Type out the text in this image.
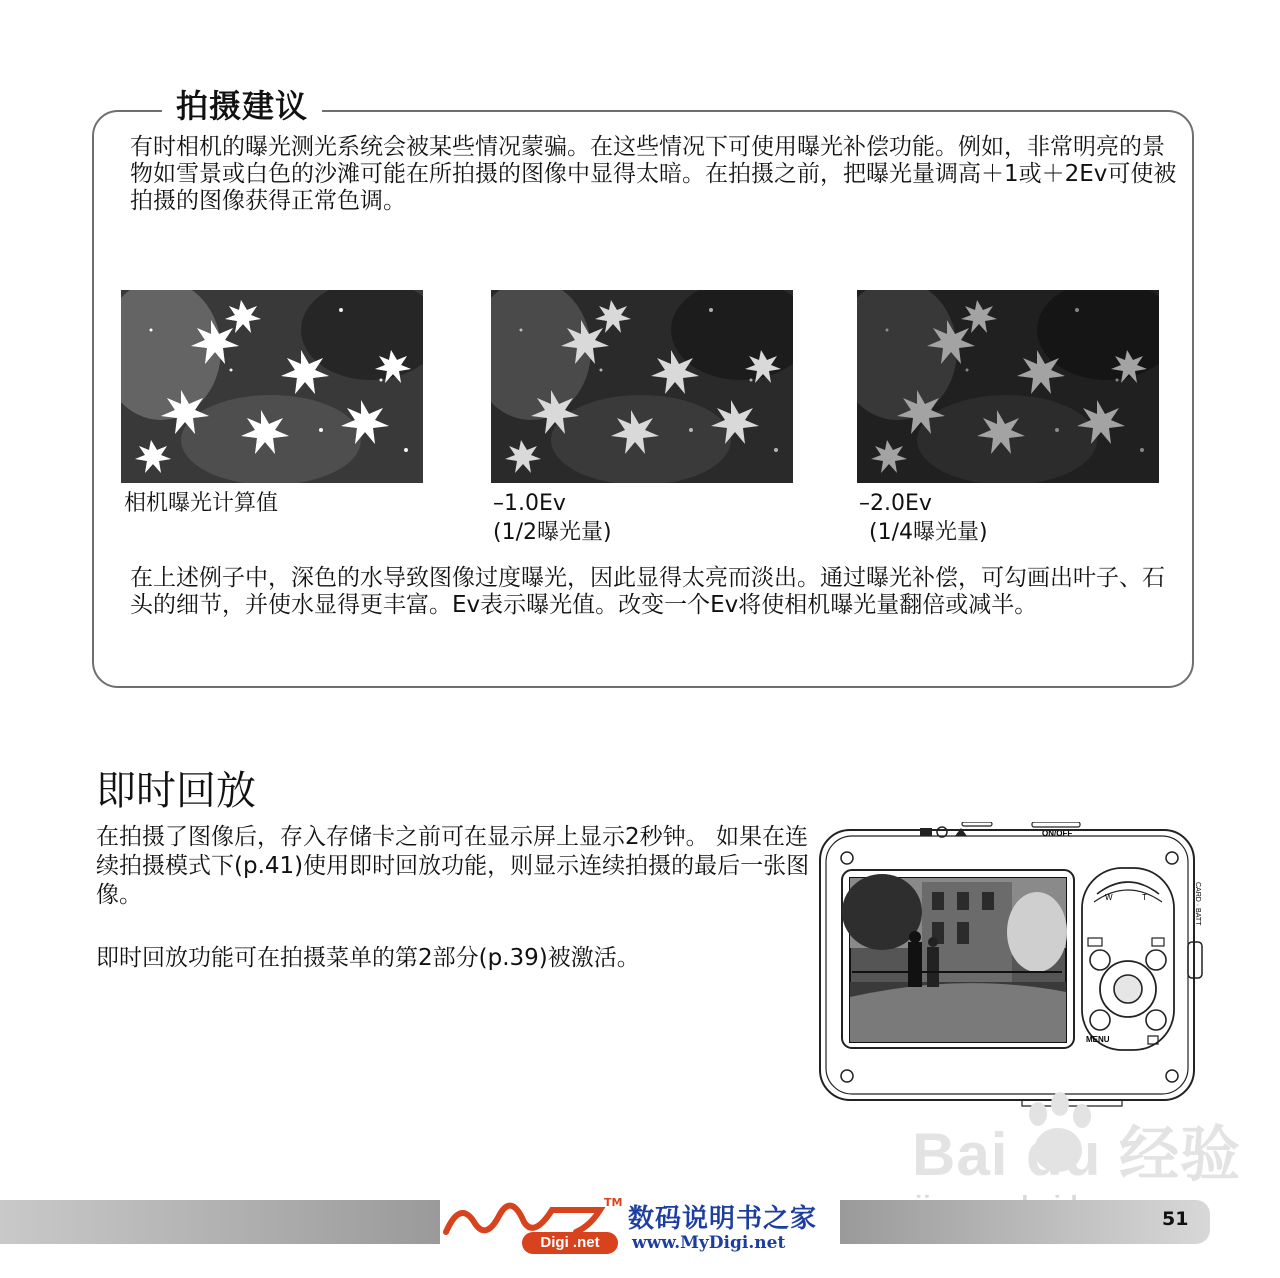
拍摄建议

有时相机的曝光测光系统会被某些情况蒙骗。在这些情况下可使用曝光补偿功能。例如，非常明亮的景物如雪景或白色的沙滩可能在所拍摄的图像中显得太暗。在拍摄之前，把曝光量调高＋1或＋2Ev可使被拍摄的图像获得正常色调。

相机曝光计算值	–1.0Ev
(1/2曝光量)
–2.0Ev
(1/4曝光量)

在上述例子中，深色的水导致图像过度曝光，因此显得太亮而淡出。通过曝光补偿，可勾画出叶子、石头的细节，并使水显得更丰富。Ev表示曝光值。改变一个Ev将使相机曝光量翻倍或减半。

即时回放

在拍摄了图像后，存入存储卡之前可在显示屏上显示2秒钟。 如果在连续拍摄模式下(p.41)使用即时回放功能，则显示连续拍摄的最后一张图像。

即时回放功能可在拍摄菜单的第2部分(p.39)被激活。

ON/OFF
W	T
MENU
CARD · BATT
Bai du 经验
TM
Digi .net
数码说明书之家
www.MyDigi.net
51
